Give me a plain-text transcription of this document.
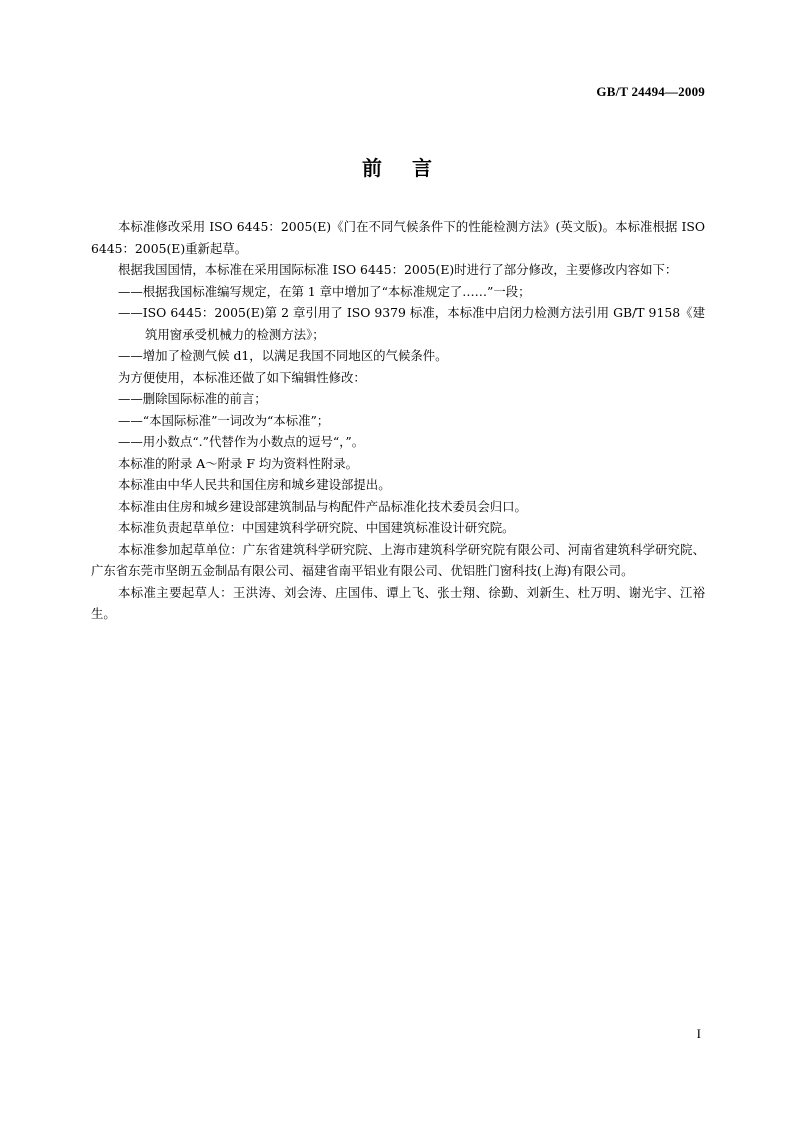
GB/T 24494—2009
前言

本标准修改采用 ISO 6445：2005(E)《门在不同气候条件下的性能检测方法》(英文版)。本标准根据 ISO 6445：2005(E)重新起草。

根据我国国情，本标准在采用国际标准 ISO 6445：2005(E)时进行了部分修改，主要修改内容如下：

——根据我国标准编写规定，在第 1 章中增加了“本标准规定了……”一段；

——ISO 6445：2005(E)第 2 章引用了 ISO 9379 标准，本标准中启闭力检测方法引用 GB/T 9158《建筑用窗承受机械力的检测方法》；

——增加了检测气候 d1，以满足我国不同地区的气候条件。

为方便使用，本标准还做了如下编辑性修改：

——删除国际标准的前言；

——“本国际标准”一词改为“本标准”；

——用小数点“.”代替作为小数点的逗号“，”。

本标准的附录 A～附录 F 均为资料性附录。

本标准由中华人民共和国住房和城乡建设部提出。

本标准由住房和城乡建设部建筑制品与构配件产品标准化技术委员会归口。

本标准负责起草单位：中国建筑科学研究院、中国建筑标准设计研究院。

本标准参加起草单位：广东省建筑科学研究院、上海市建筑科学研究院有限公司、河南省建筑科学研究院、广东省东莞市坚朗五金制品有限公司、福建省南平铝业有限公司、优铝胜门窗科技(上海)有限公司。

本标准主要起草人：王洪涛、刘会涛、庄国伟、谭上飞、张士翔、徐勤、刘新生、杜万明、谢光宇、江裕生。

I
